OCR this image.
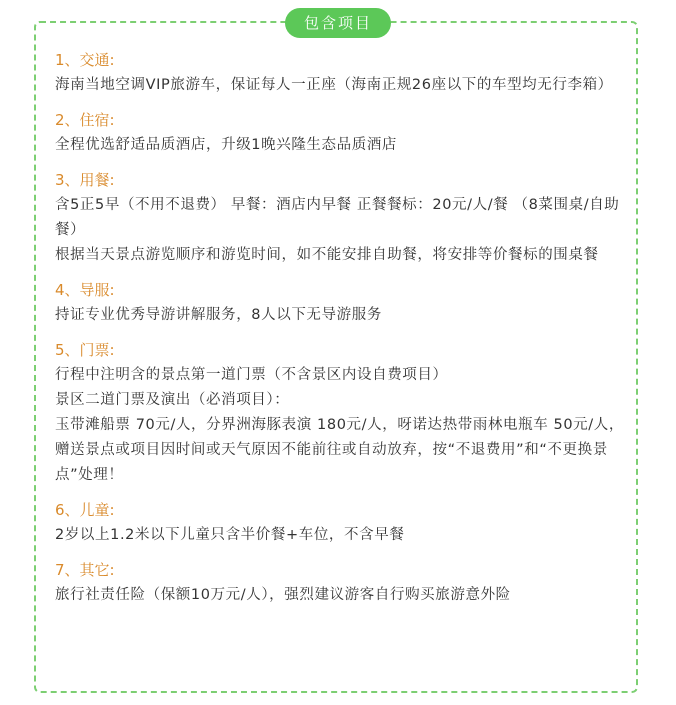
包含项目
1、交通:
海南当地空调VIP旅游车，保证每人一正座（海南正规26座以下的车型均无行李箱）
2、住宿:
全程优选舒适品质酒店，升级1晚兴隆生态品质酒店
3、用餐:
含5正5早（不用不退费） 早餐：酒店内早餐 正餐餐标：20元/人/餐 （8菜围桌/自助餐）
根据当天景点游览顺序和游览时间，如不能安排自助餐，将安排等价餐标的围桌餐
4、导服:
持证专业优秀导游讲解服务，8人以下无导游服务
5、门票:
行程中注明含的景点第一道门票（不含景区内设自费项目）
景区二道门票及演出（必消项目）：
玉带滩船票 70元/人，分界洲海豚表演 180元/人，呀诺达热带雨林电瓶车 50元/人，
赠送景点或项目因时间或天气原因不能前往或自动放弃，按“不退费用”和“不更换景点”处理！
6、儿童:
2岁以上1.2米以下儿童只含半价餐+车位，不含早餐
7、其它:
旅行社责任险（保额10万元/人），强烈建议游客自行购买旅游意外险
